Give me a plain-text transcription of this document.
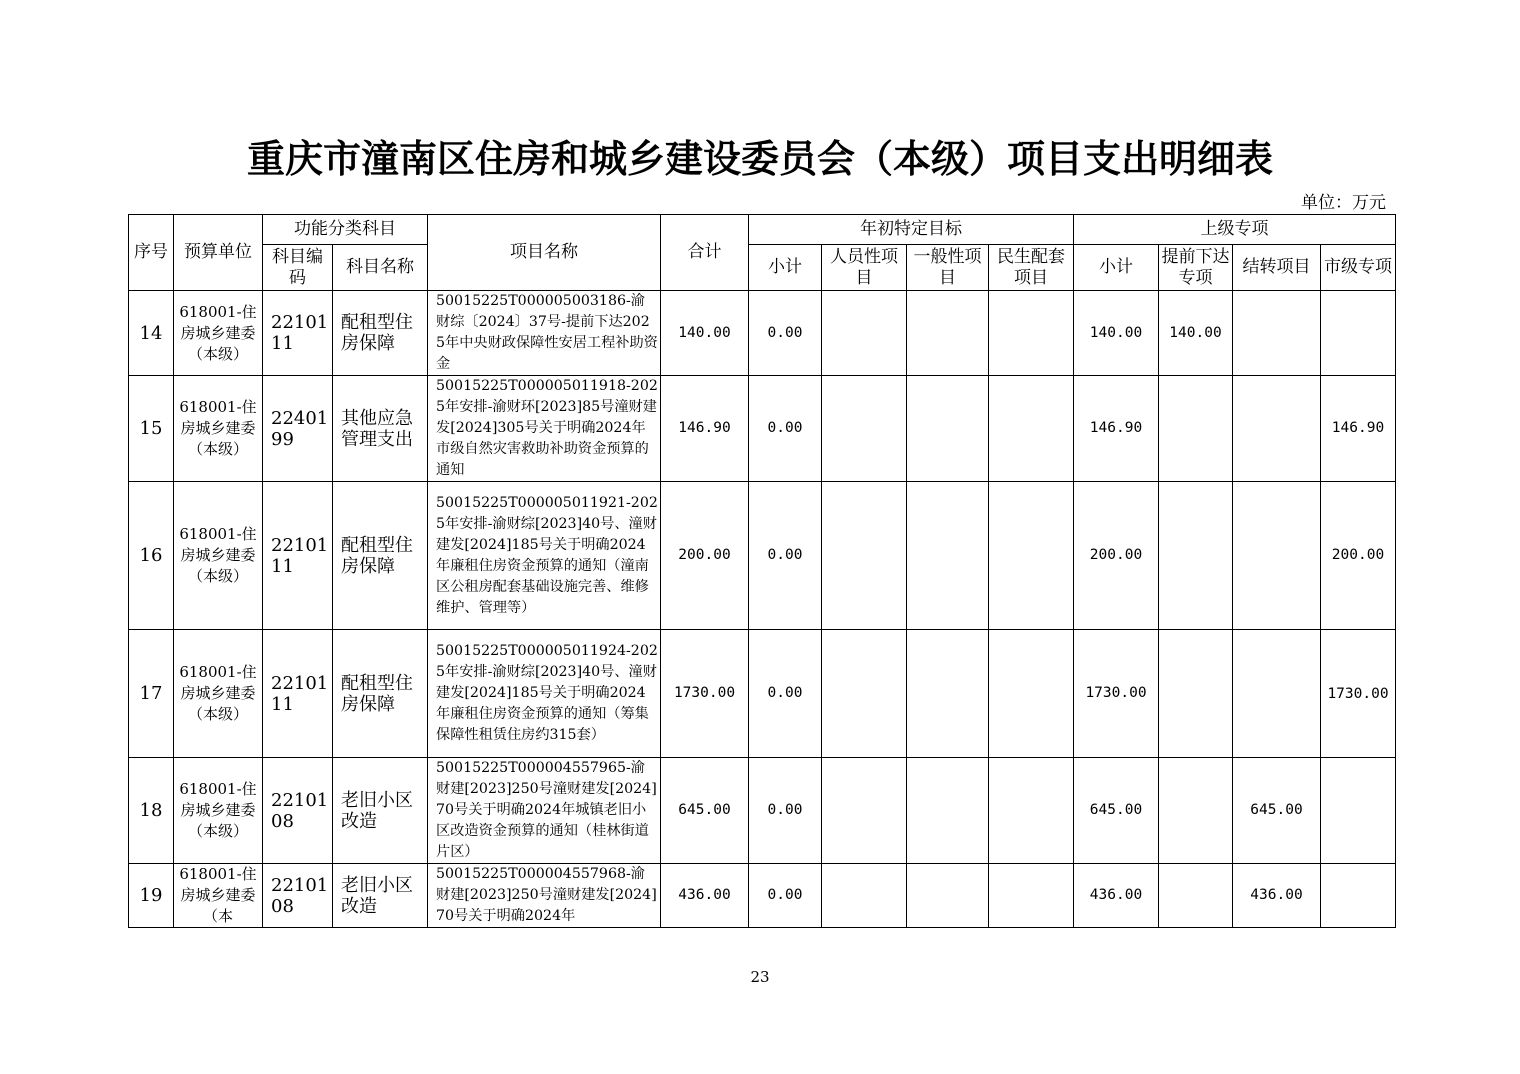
重庆市潼南区住房和城乡建设委员会（本级）项目支出明细表
单位：万元
序号	预算单位	功能分类科目		项目名称	合计	年初特定目标				上级专项			
		科目编码	科目名称			小计	人员性项目	一般性项目	民生配套项目	小计	提前下达专项	结转项目	市级专项
14	618001-住房城乡建委（本级）	2210111	配租型住房保障	50015225T000005003186-渝财综〔2024〕37号-提前下达2025年中央财政保障性安居工程补助资金	140.00	0.00				140.00	140.00		
15	618001-住房城乡建委（本级）	2240199	其他应急管理支出	50015225T000005011918-2025年安排-渝财环[2023]85号潼财建发[2024]305号关于明确2024年市级自然灾害救助补助资金预算的通知	146.90	0.00				146.90			146.90
16	618001-住房城乡建委（本级）	2210111	配租型住房保障	50015225T000005011921-2025年安排-渝财综[2023]40号、潼财建发[2024]185号关于明确2024年廉租住房资金预算的通知（潼南区公租房配套基础设施完善、维修维护、管理等）	200.00	0.00				200.00			200.00
17	618001-住房城乡建委（本级）	2210111	配租型住房保障	50015225T000005011924-2025年安排-渝财综[2023]40号、潼财建发[2024]185号关于明确2024年廉租住房资金预算的通知（筹集保障性租赁住房约315套）	1730.00	0.00				1730.00			1730.00
18	618001-住房城乡建委（本级）	2210108	老旧小区改造	50015225T000004557965-渝财建[2023]250号潼财建发[2024]70号关于明确2024年城镇老旧小区改造资金预算的通知（桂林街道片区）	645.00	0.00				645.00		645.00	
19	618001-住房城乡建委（本	2210108	老旧小区改造	50015225T000004557968-渝财建[2023]250号潼财建发[2024]70号关于明确2024年	436.00	0.00				436.00		436.00	
23
